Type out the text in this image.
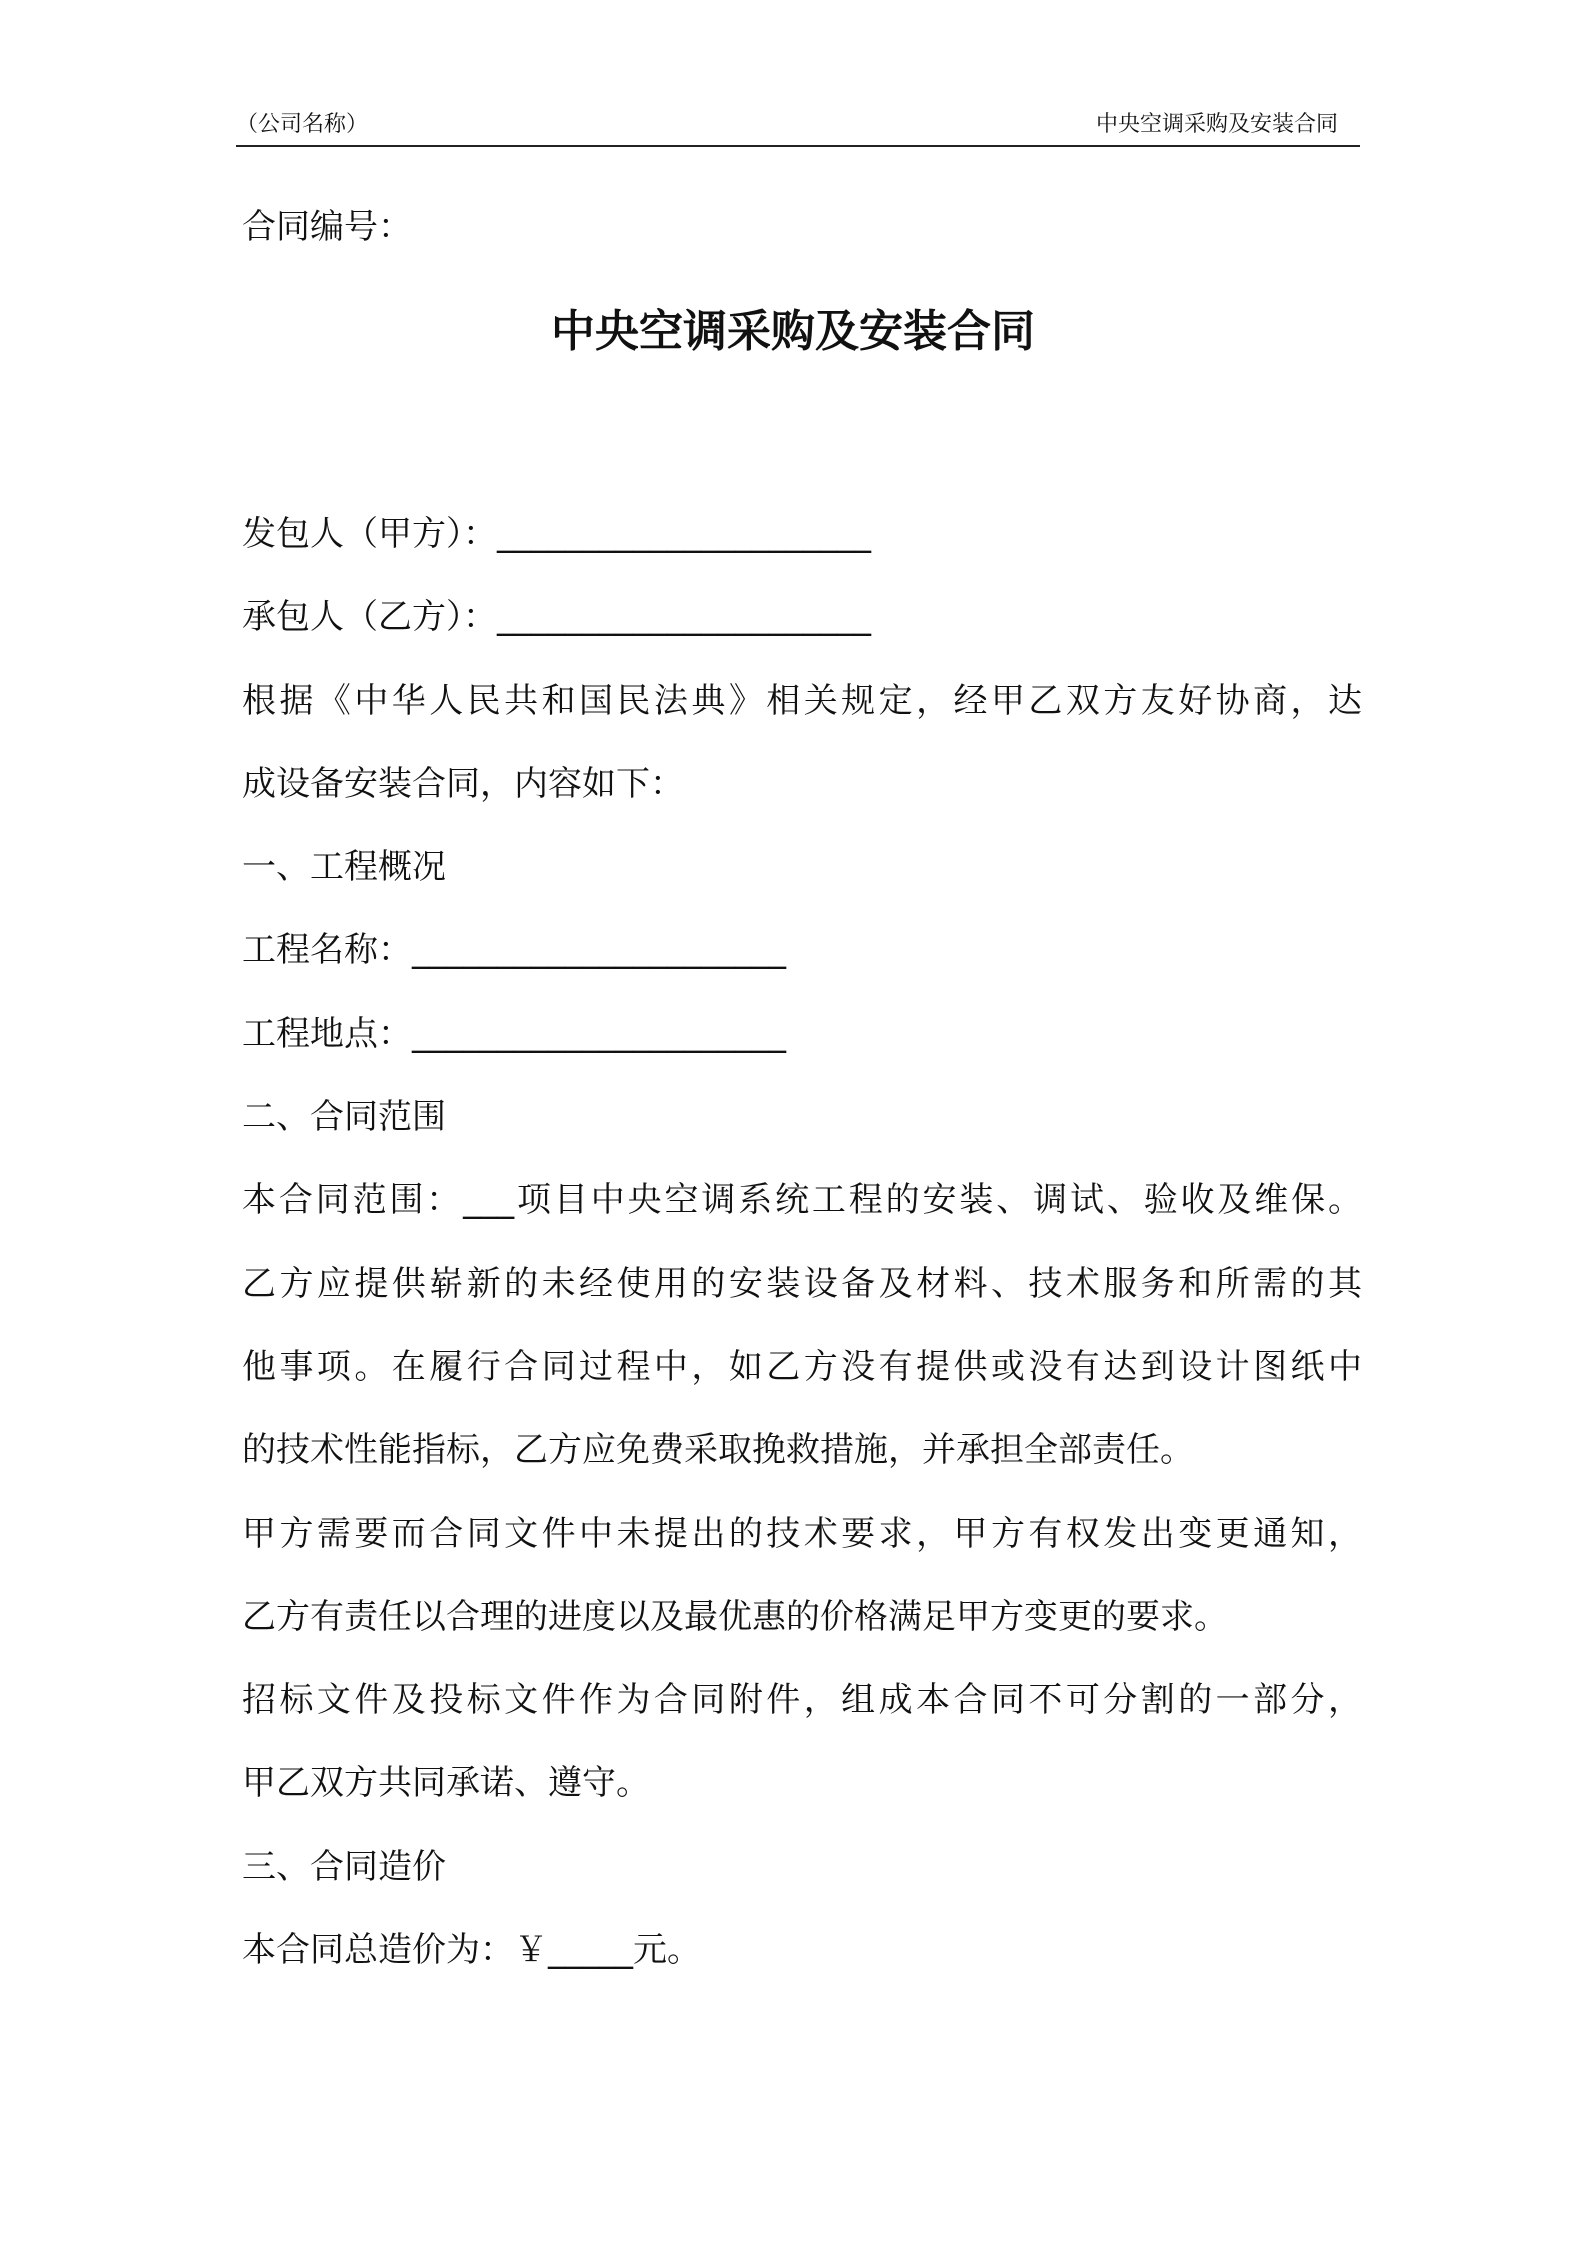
（公司名称）	中央空调采购及安装合同
合同编号：
中央空调采购及安装合同
发包人（甲方）：______________________
承包人（乙方）：______________________
根据《中华人民共和国民法典》相关规定，经甲乙双方友好协商，达
成设备安装合同，内容如下：
一、工程概况
工程名称：______________________
工程地点：______________________
二、合同范围
本合同范围：___项目中央空调系统工程的安装、调试、验收及维保。
乙方应提供崭新的未经使用的安装设备及材料、技术服务和所需的其
他事项。在履行合同过程中，如乙方没有提供或没有达到设计图纸中
的技术性能指标，乙方应免费采取挽救措施，并承担全部责任。
甲方需要而合同文件中未提出的技术要求，甲方有权发出变更通知，
乙方有责任以合理的进度以及最优惠的价格满足甲方变更的要求。
招标文件及投标文件作为合同附件，组成本合同不可分割的一部分，
甲乙双方共同承诺、遵守。
三、合同造价
本合同总造价为：￥_____元。
